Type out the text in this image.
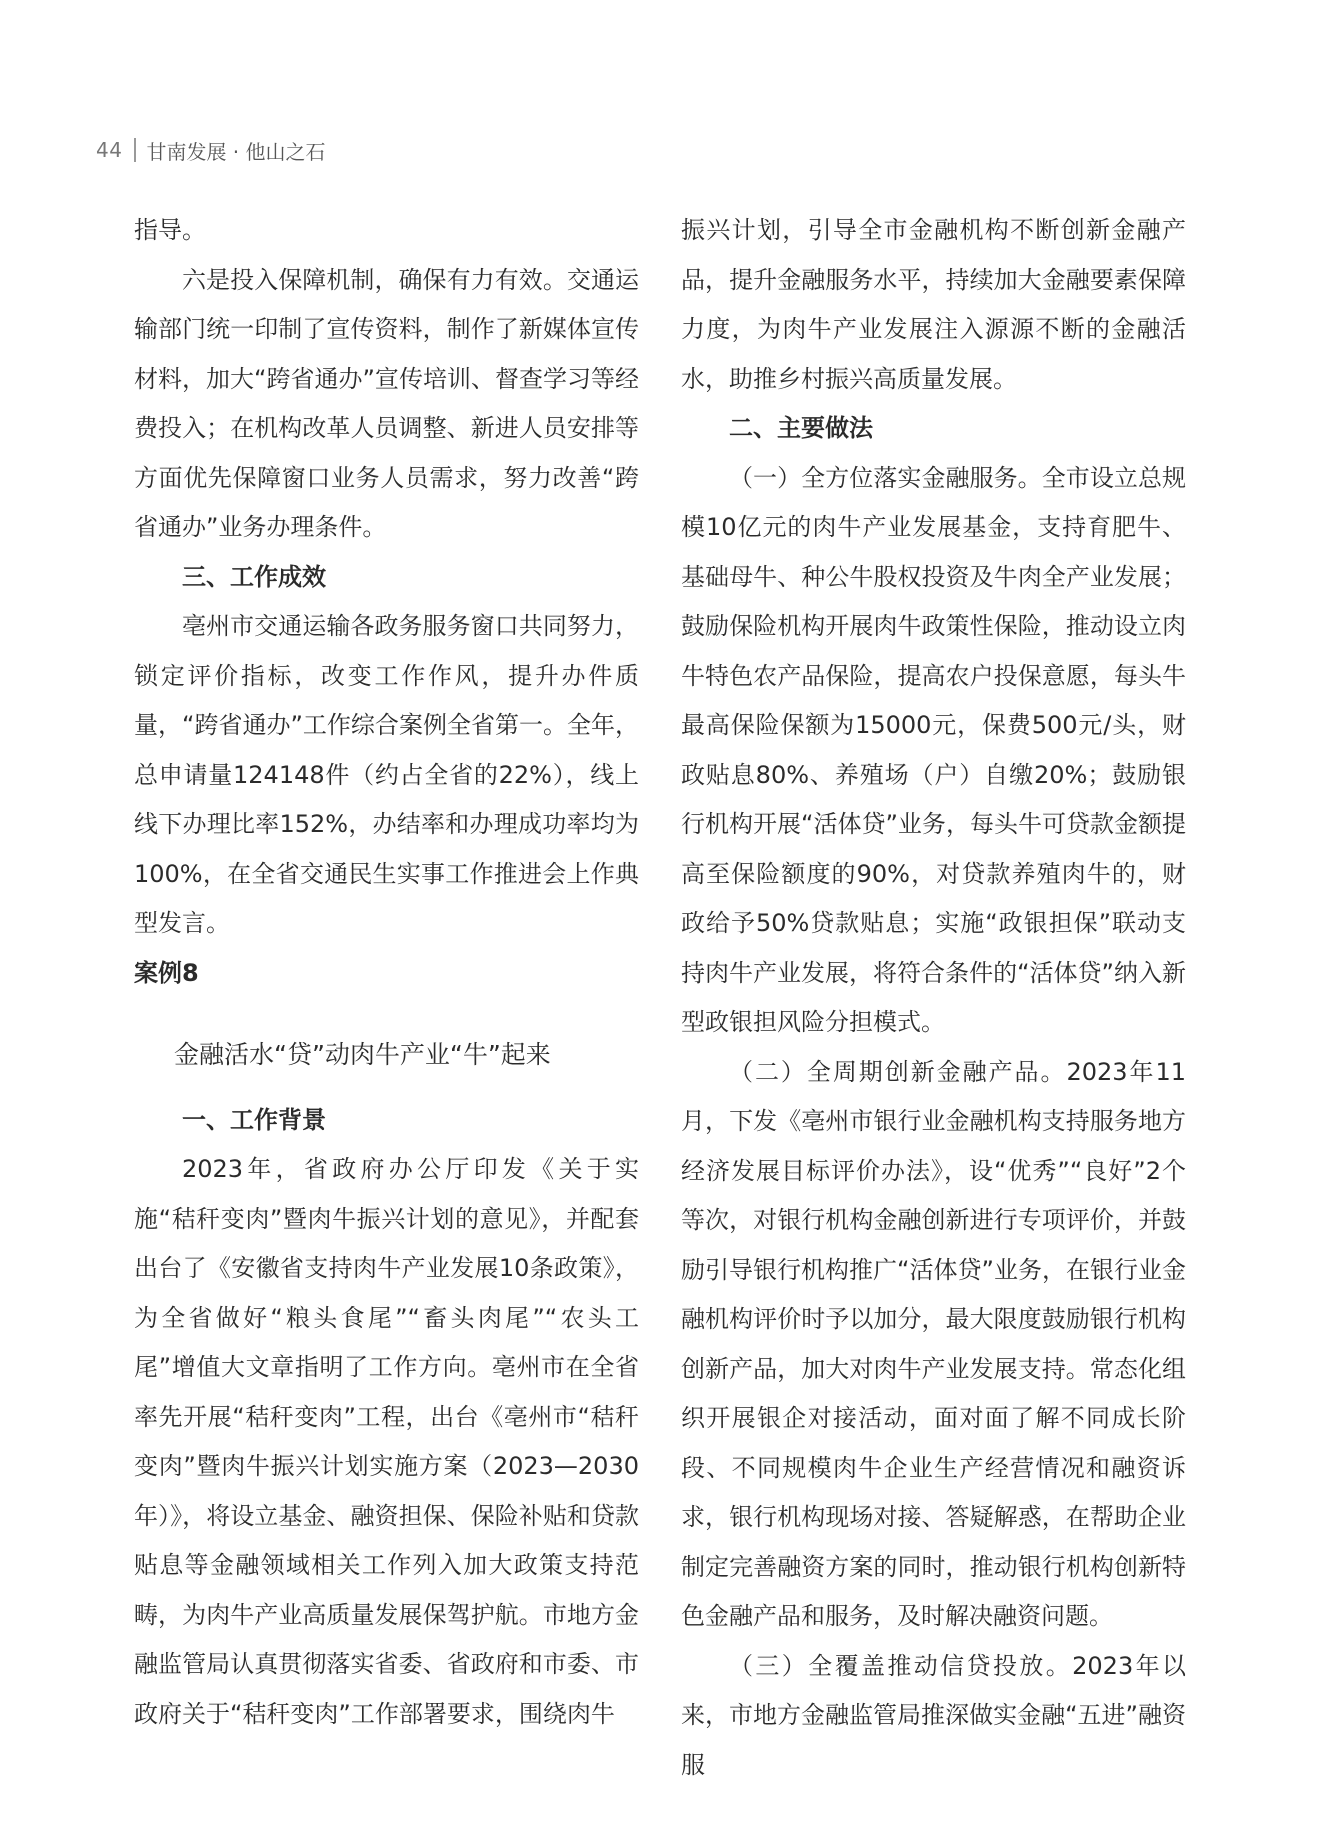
44 甘南发展 · 他山之石

指导。

六是投入保障机制，确保有力有效。交通运输部门统一印制了宣传资料，制作了新媒体宣传材料，加大“跨省通办”宣传培训、督查学习等经费投入；在机构改革人员调整、新进人员安排等方面优先保障窗口业务人员需求，努力改善“跨省通办”业务办理条件。

三、工作成效

亳州市交通运输各政务服务窗口共同努力，锁定评价指标，改变工作作风，提升办件质量，“跨省通办”工作综合案例全省第一。全年，总申请量124148件（约占全省的22%），线上线下办理比率152%，办结率和办理成功率均为100%，在全省交通民生实事工作推进会上作典型发言。

案例8

金融活水“贷”动肉牛产业“牛”起来

一、工作背景

2023年，省政府办公厅印发《关于实施“秸秆变肉”暨肉牛振兴计划的意见》，并配套出台了《安徽省支持肉牛产业发展10条政策》，为全省做好“粮头食尾”“畜头肉尾”“农头工尾”增值大文章指明了工作方向。亳州市在全省率先开展“秸秆变肉”工程，出台《亳州市“秸秆变肉”暨肉牛振兴计划实施方案（2023—2030年）》，将设立基金、融资担保、保险补贴和贷款贴息等金融领域相关工作列入加大政策支持范畴，为肉牛产业高质量发展保驾护航。市地方金融监管局认真贯彻落实省委、省政府和市委、市政府关于“秸秆变肉”工作部署要求，围绕肉牛

振兴计划，引导全市金融机构不断创新金融产品，提升金融服务水平，持续加大金融要素保障力度，为肉牛产业发展注入源源不断的金融活水，助推乡村振兴高质量发展。

二、主要做法

（一）全方位落实金融服务。全市设立总规模10亿元的肉牛产业发展基金，支持育肥牛、基础母牛、种公牛股权投资及牛肉全产业发展；鼓励保险机构开展肉牛政策性保险，推动设立肉牛特色农产品保险，提高农户投保意愿，每头牛最高保险保额为15000元，保费500元/头，财政贴息80%、养殖场（户）自缴20%；鼓励银行机构开展“活体贷”业务，每头牛可贷款金额提高至保险额度的90%，对贷款养殖肉牛的，财政给予50%贷款贴息；实施“政银担保”联动支持肉牛产业发展，将符合条件的“活体贷”纳入新型政银担风险分担模式。

（二）全周期创新金融产品。2023年11月，下发《亳州市银行业金融机构支持服务地方经济发展目标评价办法》，设“优秀”“良好”2个等次，对银行机构金融创新进行专项评价，并鼓励引导银行机构推广“活体贷”业务，在银行业金融机构评价时予以加分，最大限度鼓励银行机构创新产品，加大对肉牛产业发展支持。常态化组织开展银企对接活动，面对面了解不同成长阶段、不同规模肉牛企业生产经营情况和融资诉求，银行机构现场对接、答疑解惑，在帮助企业制定完善融资方案的同时，推动银行机构创新特色金融产品和服务，及时解决融资问题。

（三）全覆盖推动信贷投放。2023年以来，市地方金融监管局推深做实金融“五进”融资服
